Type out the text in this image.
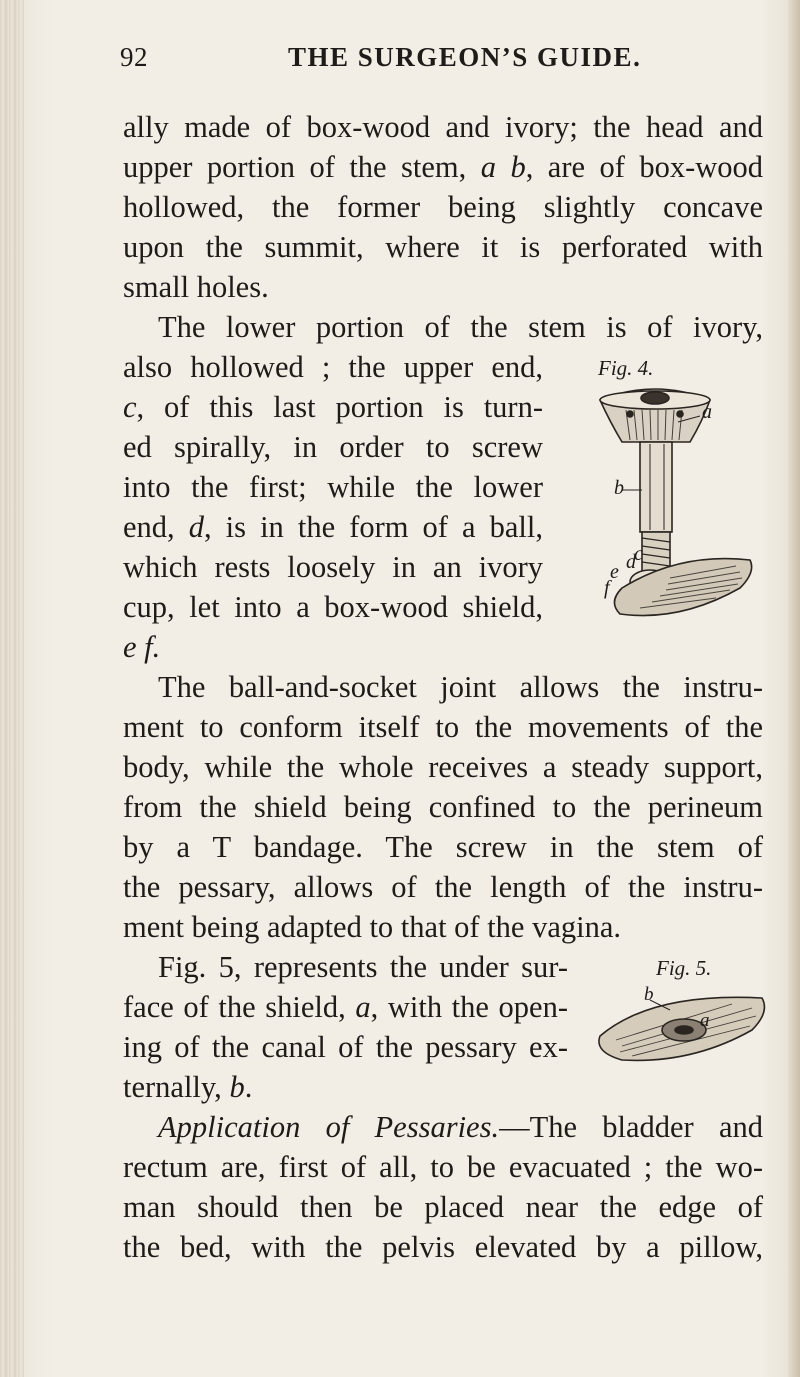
92	THE SURGEON’S GUIDE.
ally made of box-wood and ivory; the head and
upper portion of the stem, a b, are of box-wood
hollowed, the former being slightly concave
upon the summit, where it is perforated with
small holes.
The lower portion of the stem is of ivory,
also hollowed ; the upper end,
c, of this last portion is turn-
ed spirally, in order to screw
into the first; while the lower
end, d, is in the form of a ball,
which rests loosely in an ivory
cup, let into a box-wood shield,
e f.
The ball-and-socket joint allows the instru-
ment to conform itself to the movements of the
body, while the whole receives a steady support,
from the shield being confined to the perineum
by a T bandage. The screw in the stem of
the pessary, allows of the length of the instru-
ment being adapted to that of the vagina.
Fig. 5, represents the under sur-
face of the shield, a, with the open-
ing of the canal of the pessary ex-
ternally, b.
Application of Pessaries.—The bladder and
rectum are, first of all, to be evacuated ; the wo-
man should then be placed near the edge of
the bed, with the pelvis elevated by a pillow,
Fig. 4.
a
b
c
d
e
f
Fig. 5.
a
b
